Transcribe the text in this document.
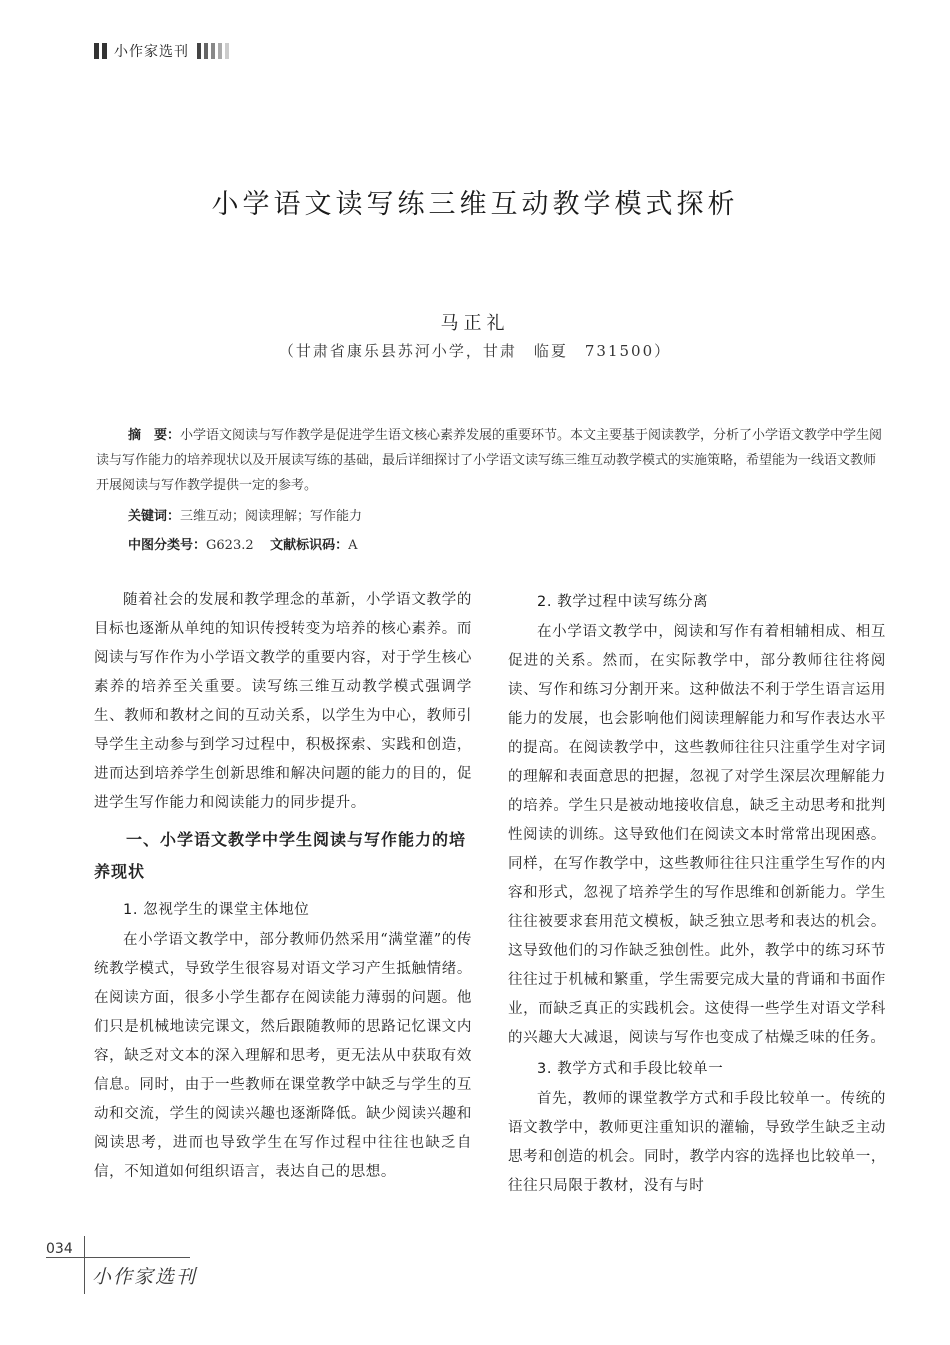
小作家选刊
小学语文读写练三维互动教学模式探析
马正礼
（甘肃省康乐县苏河小学，甘肃　临夏　731500）

摘　要：小学语文阅读与写作教学是促进学生语文核心素养发展的重要环节。本文主要基于阅读教学，分析了小学语文教学中学生阅读与写作能力的培养现状以及开展读写练的基础，最后详细探讨了小学语文读写练三维互动教学模式的实施策略，希望能为一线语文教师开展阅读与写作教学提供一定的参考。

关键词：三维互动；阅读理解；写作能力
中图分类号：G623.2 文献标识码：A

随着社会的发展和教学理念的革新，小学语文教学的目标也逐渐从单纯的知识传授转变为培养的核心素养。而阅读与写作作为小学语文教学的重要内容，对于学生核心素养的培养至关重要。读写练三维互动教学模式强调学生、教师和教材之间的互动关系，以学生为中心，教师引导学生主动参与到学习过程中，积极探索、实践和创造，进而达到培养学生创新思维和解决问题的能力的目的，促进学生写作能力和阅读能力的同步提升。

一、小学语文教学中学生阅读与写作能力的培养现状
1. 忽视学生的课堂主体地位

在小学语文教学中，部分教师仍然采用“满堂灌”的传统教学模式，导致学生很容易对语文学习产生抵触情绪。在阅读方面，很多小学生都存在阅读能力薄弱的问题。他们只是机械地读完课文，然后跟随教师的思路记忆课文内容，缺乏对文本的深入理解和思考，更无法从中获取有效信息。同时，由于一些教师在课堂教学中缺乏与学生的互动和交流，学生的阅读兴趣也逐渐降低。缺少阅读兴趣和阅读思考，进而也导致学生在写作过程中往往也缺乏自信，不知道如何组织语言，表达自己的思想。

2. 教学过程中读写练分离

在小学语文教学中，阅读和写作有着相辅相成、相互促进的关系。然而，在实际教学中，部分教师往往将阅读、写作和练习分割开来。这种做法不利于学生语言运用能力的发展，也会影响他们阅读理解能力和写作表达水平的提高。在阅读教学中，这些教师往往只注重学生对字词的理解和表面意思的把握，忽视了对学生深层次理解能力的培养。学生只是被动地接收信息，缺乏主动思考和批判性阅读的训练。这导致他们在阅读文本时常常出现困惑。同样，在写作教学中，这些教师往往只注重学生写作的内容和形式，忽视了培养学生的写作思维和创新能力。学生往往被要求套用范文模板，缺乏独立思考和表达的机会。这导致他们的习作缺乏独创性。此外，教学中的练习环节往往过于机械和繁重，学生需要完成大量的背诵和书面作业，而缺乏真正的实践机会。这使得一些学生对语文学科的兴趣大大减退，阅读与写作也变成了枯燥乏味的任务。

3. 教学方式和手段比较单一

首先，教师的课堂教学方式和手段比较单一。传统的语文教学中，教师更注重知识的灌输，导致学生缺乏主动思考和创造的机会。同时，教学内容的选择也比较单一，往往只局限于教材，没有与时

034
小作家选刊
